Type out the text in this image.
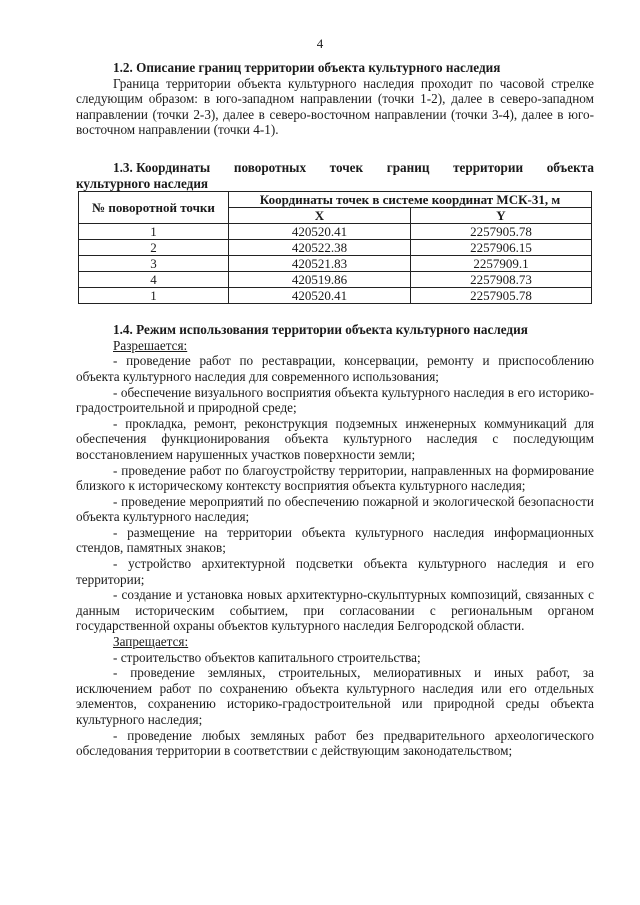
4

1.2. Описание границ территории объекта культурного наследия

Граница территории объекта культурного наследия проходит по часовой стрелке следующим образом: в юго-западном направлении (точки 1-2), далее в северо-западном направлении (точки 2-3), далее в северо-восточном направлении (точки 3-4), далее в юго-восточном направлении (точки 4-1).

1.3. Координаты поворотных точек границ территории объекта

культурного наследия

№ поворотной точки	Координаты точек в системе координат МСК-31, м	
	X	Y
1	420520.41	2257905.78
2	420522.38	2257906.15
3	420521.83	2257909.1
4	420519.86	2257908.73
1	420520.41	2257905.78

1.4. Режим использования территории объекта культурного наследия

Разрешается:

- проведение работ по реставрации, консервации, ремонту и приспособлению объекта культурного наследия для современного использования;

- обеспечение визуального восприятия объекта культурного наследия в его историко-градостроительной и природной среде;

- прокладка, ремонт, реконструкция подземных инженерных коммуникаций для обеспечения функционирования объекта культурного наследия с последующим восстановлением нарушенных участков поверхности земли;

- проведение работ по благоустройству территории, направленных на формирование близкого к историческому контексту восприятия объекта культурного наследия;

- проведение мероприятий по обеспечению пожарной и экологической безопасности объекта культурного наследия;

- размещение на территории объекта культурного наследия информационных стендов, памятных знаков;

- устройство архитектурной подсветки объекта культурного наследия и его территории;

- создание и установка новых архитектурно-скульптурных композиций, связанных с данным историческим событием, при согласовании с региональным органом государственной охраны объектов культурного наследия Белгородской области.

Запрещается:

- строительство объектов капитального строительства;

- проведение земляных, строительных, мелиоративных и иных работ, за исключением работ по сохранению объекта культурного наследия или его отдельных элементов, сохранению историко-градостроительной или природной среды объекта культурного наследия;

- проведение любых земляных работ без предварительного археологического обследования территории в соответствии с действующим законодательством;
